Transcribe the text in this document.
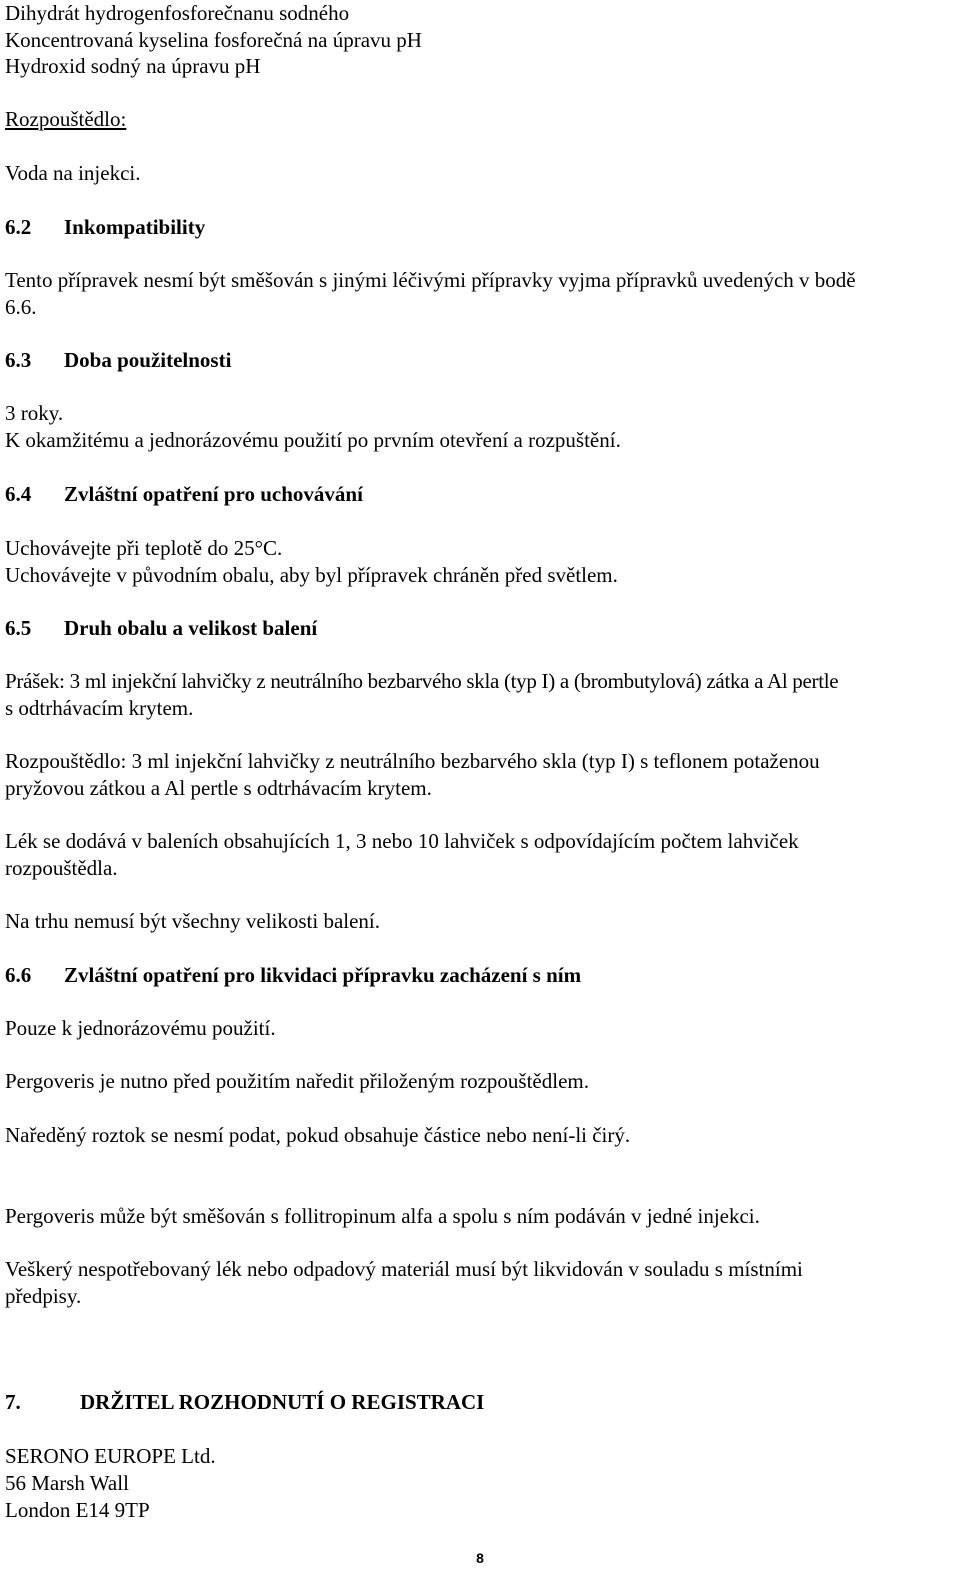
Dihydrát hydrogenfosforečnanu sodného

Koncentrovaná kyselina fosforečná na úpravu pH

Hydroxid sodný na úpravu pH

Rozpouštědlo:

Voda na injekci.

6.2 Inkompatibility

Tento přípravek nesmí být směšován s jinými léčivými přípravky vyjma přípravků uvedených v bodě

6.6.

6.3 Doba použitelnosti

3 roky.

K okamžitému a jednorázovému použití po prvním otevření a rozpuštění.

6.4 Zvláštní opatření pro uchovávání

Uchovávejte při teplotě do 25°C.

Uchovávejte v původním obalu, aby byl přípravek chráněn před světlem.

6.5 Druh obalu a velikost balení

Prášek: 3 ml injekční lahvičky z neutrálního bezbarvého skla (typ I) a (brombutylová) zátka a Al pertle

s odtrhávacím krytem.

Rozpouštědlo: 3 ml injekční lahvičky z neutrálního bezbarvého skla (typ I) s teflonem potaženou

pryžovou zátkou a Al pertle s odtrhávacím krytem.

Lék se dodává v baleních obsahujících 1, 3 nebo 10 lahviček s odpovídajícím počtem lahviček

rozpouštědla.

Na trhu nemusí být všechny velikosti balení.

6.6 Zvláštní opatření pro likvidaci přípravku zacházení s ním

Pouze k jednorázovému použití.

Pergoveris je nutno před použitím naředit přiloženým rozpouštědlem.

Naředěný roztok se nesmí podat, pokud obsahuje částice nebo není-li čirý.

Pergoveris může být směšován s follitropinum alfa a spolu s ním podáván v jedné injekci.

Veškerý nespotřebovaný lék nebo odpadový materiál musí být likvidován v souladu s místními

předpisy.

7.	DRŽITEL ROZHODNUTÍ O REGISTRACI

SERONO EUROPE Ltd.

56 Marsh Wall

London E14 9TP

8
